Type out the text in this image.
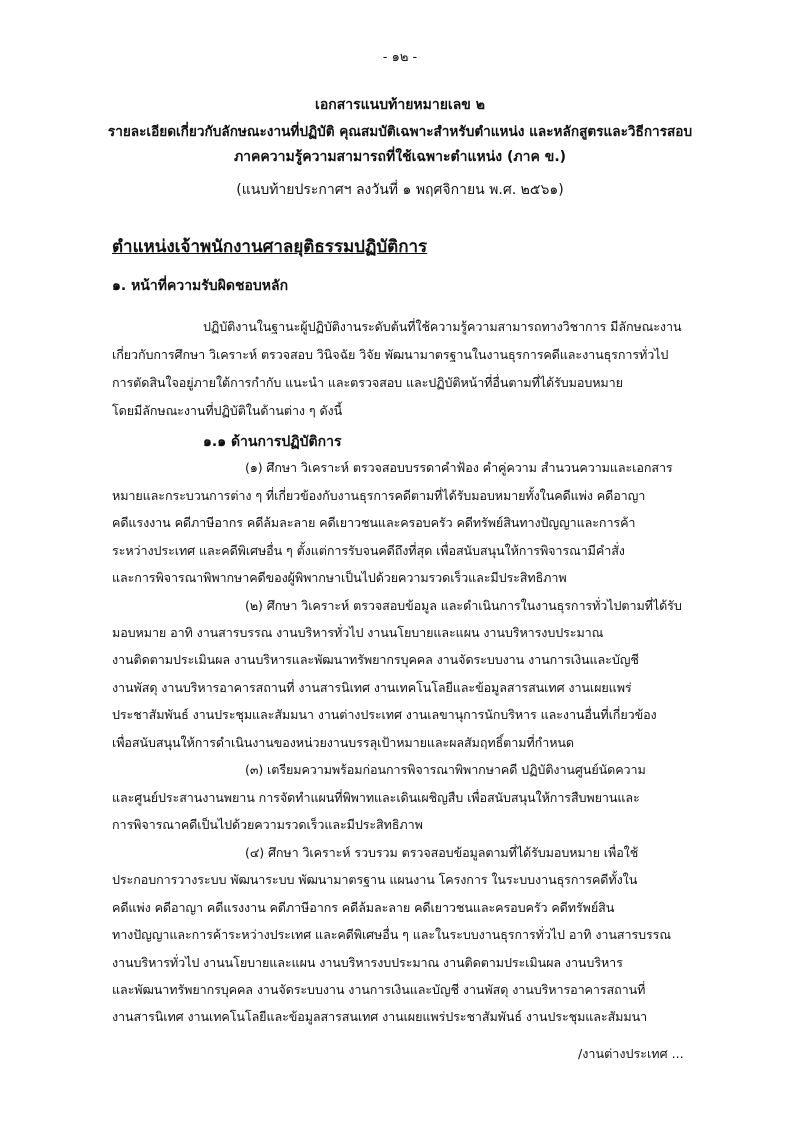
- ๑๒ -
เอกสารแนบท้ายหมายเลข ๒
รายละเอียดเกี่ยวกับลักษณะงานที่ปฏิบัติ คุณสมบัติเฉพาะสำหรับตำแหน่ง และหลักสูตรและวิธีการสอบ
ภาคความรู้ความสามารถที่ใช้เฉพาะตำแหน่ง (ภาค ข.)
(แนบท้ายประกาศฯ ลงวันที่ ๑ พฤศจิกายน พ.ศ. ๒๕๖๑)
ตำแหน่งเจ้าพนักงานศาลยุติธรรมปฏิบัติการ
๑. หน้าที่ความรับผิดชอบหลัก
ปฏิบัติงานในฐานะผู้ปฏิบัติงานระดับต้นที่ใช้ความรู้ความสามารถทางวิชาการ มีลักษณะงาน
เกี่ยวกับการศึกษา วิเคราะห์ ตรวจสอบ วินิจฉัย วิจัย พัฒนามาตรฐานในงานธุรการคดีและงานธุรการทั่วไป
การตัดสินใจอยู่ภายใต้การกำกับ แนะนำ และตรวจสอบ และปฏิบัติหน้าที่อื่นตามที่ได้รับมอบหมาย
โดยมีลักษณะงานที่ปฏิบัติในด้านต่าง ๆ ดังนี้
๑.๑ ด้านการปฏิบัติการ
(๑) ศึกษา วิเคราะห์ ตรวจสอบบรรดาคำฟ้อง คำคู่ความ สำนวนความและเอกสาร
หมายและกระบวนการต่าง ๆ ที่เกี่ยวข้องกับงานธุรการคดีตามที่ได้รับมอบหมายทั้งในคดีแพ่ง คดีอาญา
คดีแรงงาน คดีภาษีอากร คดีล้มละลาย คดีเยาวชนและครอบครัว คดีทรัพย์สินทางปัญญาและการค้า
ระหว่างประเทศ และคดีพิเศษอื่น ๆ ตั้งแต่การรับจนคดีถึงที่สุด เพื่อสนับสนุนให้การพิจารณามีคำสั่ง
และการพิจารณาพิพากษาคดีของผู้พิพากษาเป็นไปด้วยความรวดเร็วและมีประสิทธิภาพ
(๒) ศึกษา วิเคราะห์ ตรวจสอบข้อมูล และดำเนินการในงานธุรการทั่วไปตามที่ได้รับ
มอบหมาย อาทิ งานสารบรรณ งานบริหารทั่วไป งานนโยบายและแผน งานบริหารงบประมาณ
งานติดตามประเมินผล งานบริหารและพัฒนาทรัพยากรบุคคล งานจัดระบบงาน งานการเงินและบัญชี
งานพัสดุ งานบริหารอาคารสถานที่ งานสารนิเทศ งานเทคโนโลยีและข้อมูลสารสนเทศ งานเผยแพร่
ประชาสัมพันธ์ งานประชุมและสัมมนา งานต่างประเทศ งานเลขานุการนักบริหาร และงานอื่นที่เกี่ยวข้อง
เพื่อสนับสนุนให้การดำเนินงานของหน่วยงานบรรลุเป้าหมายและผลสัมฤทธิ์ตามที่กำหนด
(๓) เตรียมความพร้อมก่อนการพิจารณาพิพากษาคดี ปฏิบัติงานศูนย์นัดความ
และศูนย์ประสานงานพยาน การจัดทำแผนที่พิพาทและเดินเผชิญสืบ เพื่อสนับสนุนให้การสืบพยานและ
การพิจารณาคดีเป็นไปด้วยความรวดเร็วและมีประสิทธิภาพ
(๔) ศึกษา วิเคราะห์ รวบรวม ตรวจสอบข้อมูลตามที่ได้รับมอบหมาย เพื่อใช้
ประกอบการวางระบบ พัฒนาระบบ พัฒนามาตรฐาน แผนงาน โครงการ ในระบบงานธุรการคดีทั้งใน
คดีแพ่ง คดีอาญา คดีแรงงาน คดีภาษีอากร คดีล้มละลาย คดีเยาวชนและครอบครัว คดีทรัพย์สิน
ทางปัญญาและการค้าระหว่างประเทศ และคดีพิเศษอื่น ๆ และในระบบงานธุรการทั่วไป อาทิ งานสารบรรณ
งานบริหารทั่วไป งานนโยบายและแผน งานบริหารงบประมาณ งานติดตามประเมินผล งานบริหาร
และพัฒนาทรัพยากรบุคคล งานจัดระบบงาน งานการเงินและบัญชี งานพัสดุ งานบริหารอาคารสถานที่
งานสารนิเทศ งานเทคโนโลยีและข้อมูลสารสนเทศ งานเผยแพร่ประชาสัมพันธ์ งานประชุมและสัมมนา
/งานต่างประเทศ ...
